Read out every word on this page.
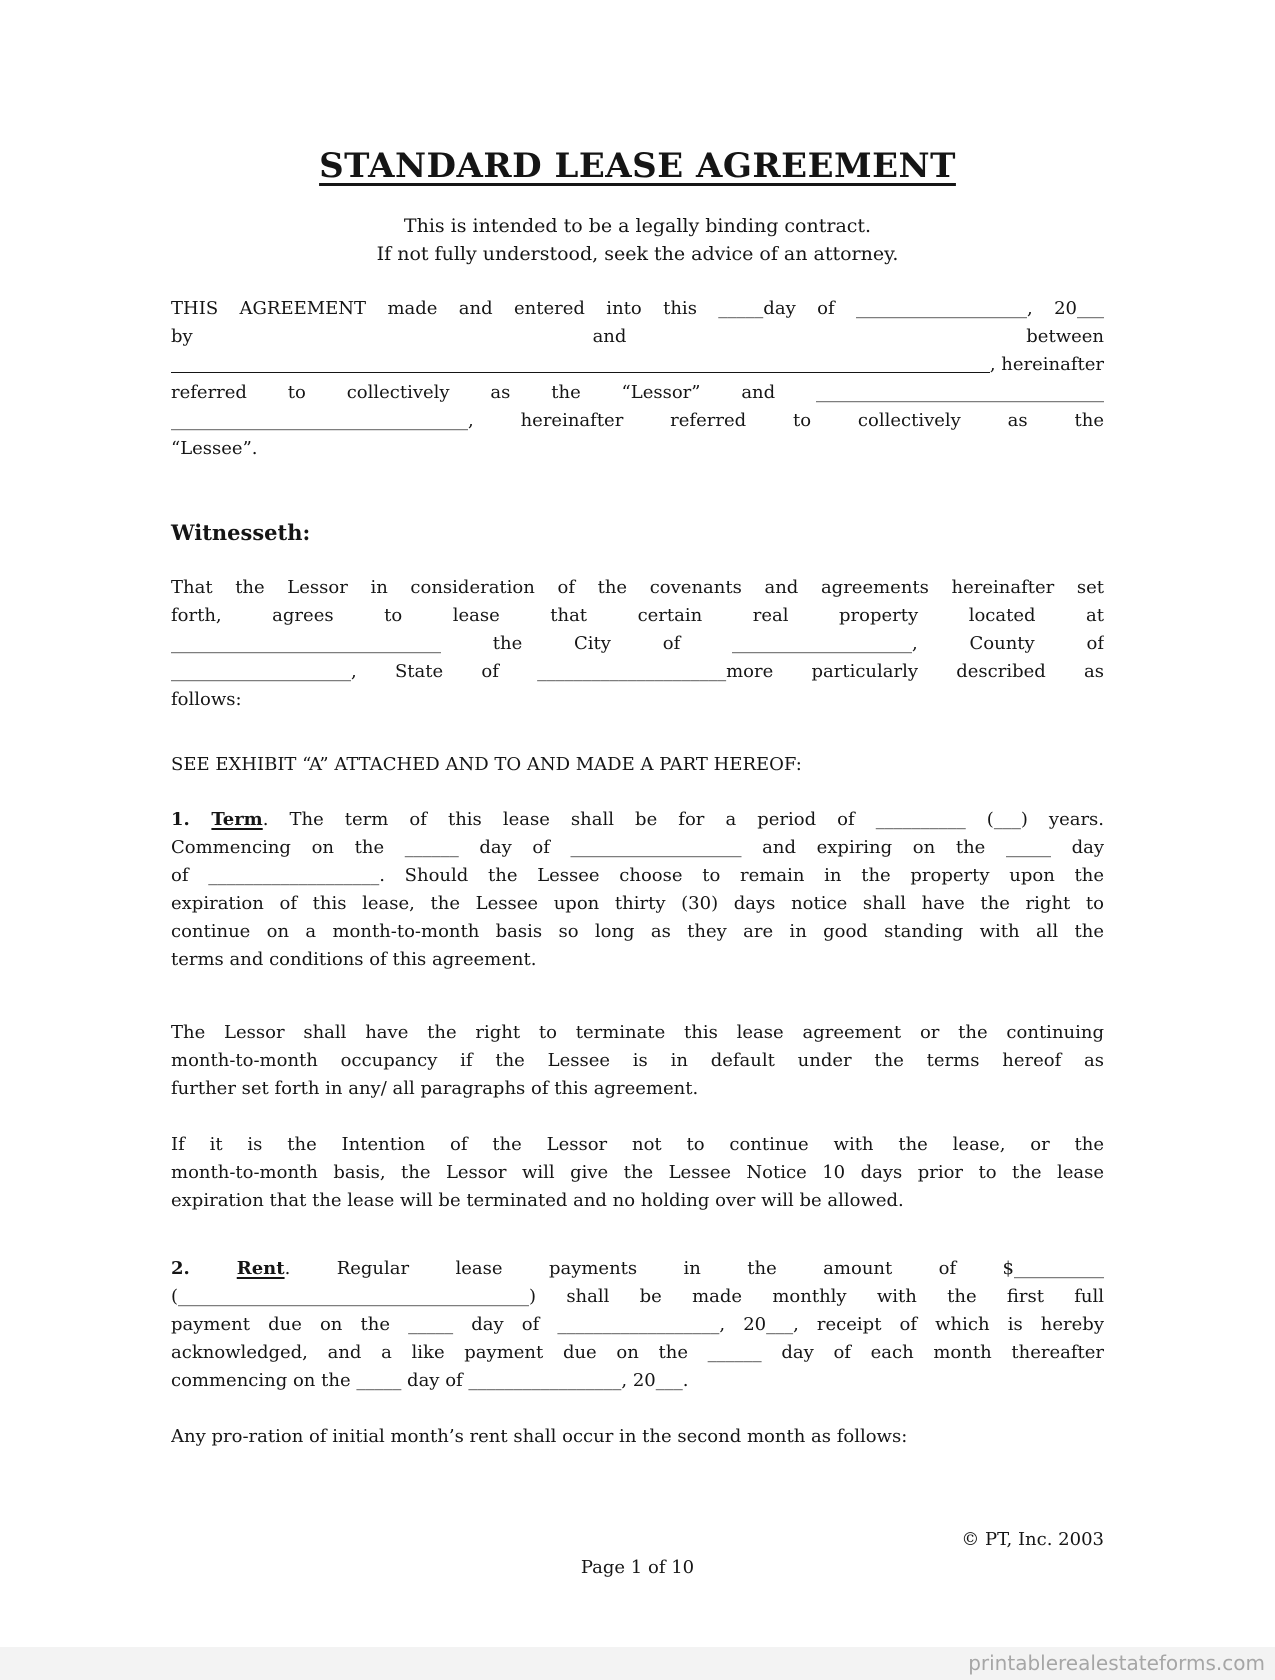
STANDARD LEASE AGREEMENT
This is intended to be a legally binding contract.
If not fully understood, seek the advice of an attorney.
THIS AGREEMENT made and entered into this _____day of ___________________, 20___
by	and	between
, hereinafter
referred to collectively as the “Lessor” and ________________________________
_________________________________, hereinafter referred to collectively as the
“Lessee”.
Witnesseth:
That the Lessor in consideration of the covenants and agreements hereinafter set
forth, agrees to lease that certain real property located at
______________________________ the City of ____________________, County of
____________________, State of _____________________more particularly described as
follows:
SEE EXHIBIT “A” ATTACHED AND TO AND MADE A PART HEREOF:
1. Term. The term of this lease shall be for a period of __________ (___) years.
Commencing on the ______ day of ___________________ and expiring on the _____ day
of ___________________. Should the Lessee choose to remain in the property upon the
expiration of this lease, the Lessee upon thirty (30) days notice shall have the right to
continue on a month-to-month basis so long as they are in good standing with all the
terms and conditions of this agreement.
The Lessor shall have the right to terminate this lease agreement or the continuing
month-to-month occupancy if the Lessee is in default under the terms hereof as
further set forth in any/ all paragraphs of this agreement.
If it is the Intention of the Lessor not to continue with the lease, or the
month-to-month basis, the Lessor will give the Lessee Notice 10 days prior to the lease
expiration that the lease will be terminated and no holding over will be allowed.
2. Rent. Regular lease payments in the amount of $__________
(_______________________________________) shall be made monthly with the first full
payment due on the _____ day of __________________, 20___, receipt of which is hereby
acknowledged, and a like payment due on the ______ day of each month thereafter
commencing on the _____ day of _________________, 20___.
Any pro-ration of initial month’s rent shall occur in the second month as follows:
© PT, Inc. 2003
Page 1 of 10
printablerealestateforms.com
